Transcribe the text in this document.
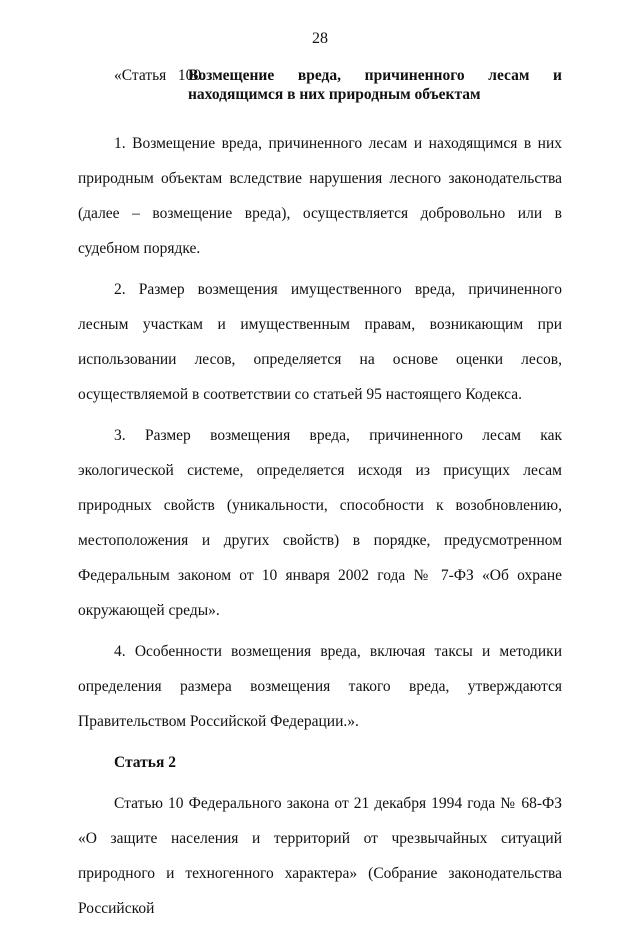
28
«Статья   100.
Возмещение вреда, причиненного лесам и
находящимся в них природным объектам

1. Возмещение вреда, причиненного лесам и находящимся в них природным объектам вследствие нарушения лесного законодательства (далее – возмещение вреда), осуществляется добровольно или в судебном порядке.

2. Размер возмещения имущественного вреда, причиненного лесным участкам и имущественным правам, возникающим при использовании лесов, определяется на основе оценки лесов, осуществляемой в соответствии со статьей 95 настоящего Кодекса.

3. Размер возмещения вреда, причиненного лесам как экологической системе, определяется исходя из присущих лесам природных свойств (уникальности, способности к возобновлению, местоположения и других свойств) в порядке, предусмотренном Федеральным законом от 10 января 2002 года № 7-ФЗ «Об охране окружающей среды».

4. Особенности возмещения вреда, включая таксы и методики определения размера возмещения такого вреда, утверждаются Правительством Российской Федерации.».

Статья 2

Статью 10 Федерального закона от 21 декабря 1994 года № 68-ФЗ «О защите населения и территорий от чрезвычайных ситуаций природного и техногенного характера» (Собрание законодательства Российской
